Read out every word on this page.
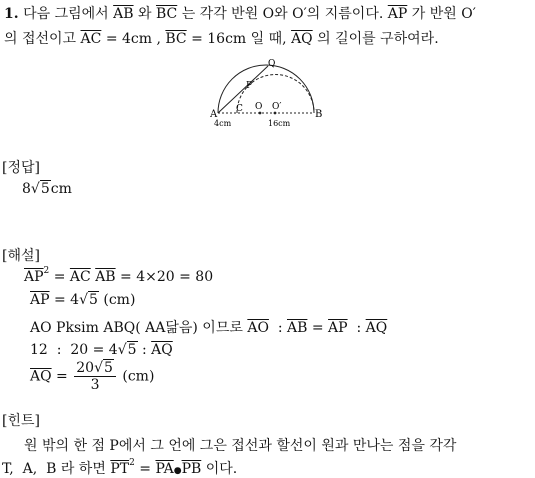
1. 다음 그림에서 $\overline{AB}$ 와 $\overline{BC}$ 는 각각 반원 O와 O′의 지름이다. $\overline{AP}$ 가 반원 O′
의 접선이고 $\overline{AC} = 4cm$ , $\overline{BC} = 16cm$ 일 때, $\overline{AQ}$ 의 길이를 구하여라.
A	B
C
P
Q
O O′
4cm	16cm
[정답]
8√5cm
[해설]
$\overline{AP}^2 = \overline{AC}$ $\overline{AB} = 4\times 20 = 80$
$\overline{AP} = 4√5$ (cm)
AO Pksim ABQ( AA닮음) 이므로 $\overline{AO}$ : $\overline{AB} = \overline{AP}$ : $\overline{AQ}$
12  :  20 = 4√5 : $\overline{AQ}$
$\overline{AQ} = \frac{20√5}{3} (cm)$
[힌트]
원 밖의 한 점 P에서 그 언에 그은 접선과 할선이 원과 만나는 점을 각각
T,  A,  B 라 하면 $\overline{PT}^2$ = $\overline{PA}●\overline{PB}$ 이다.
